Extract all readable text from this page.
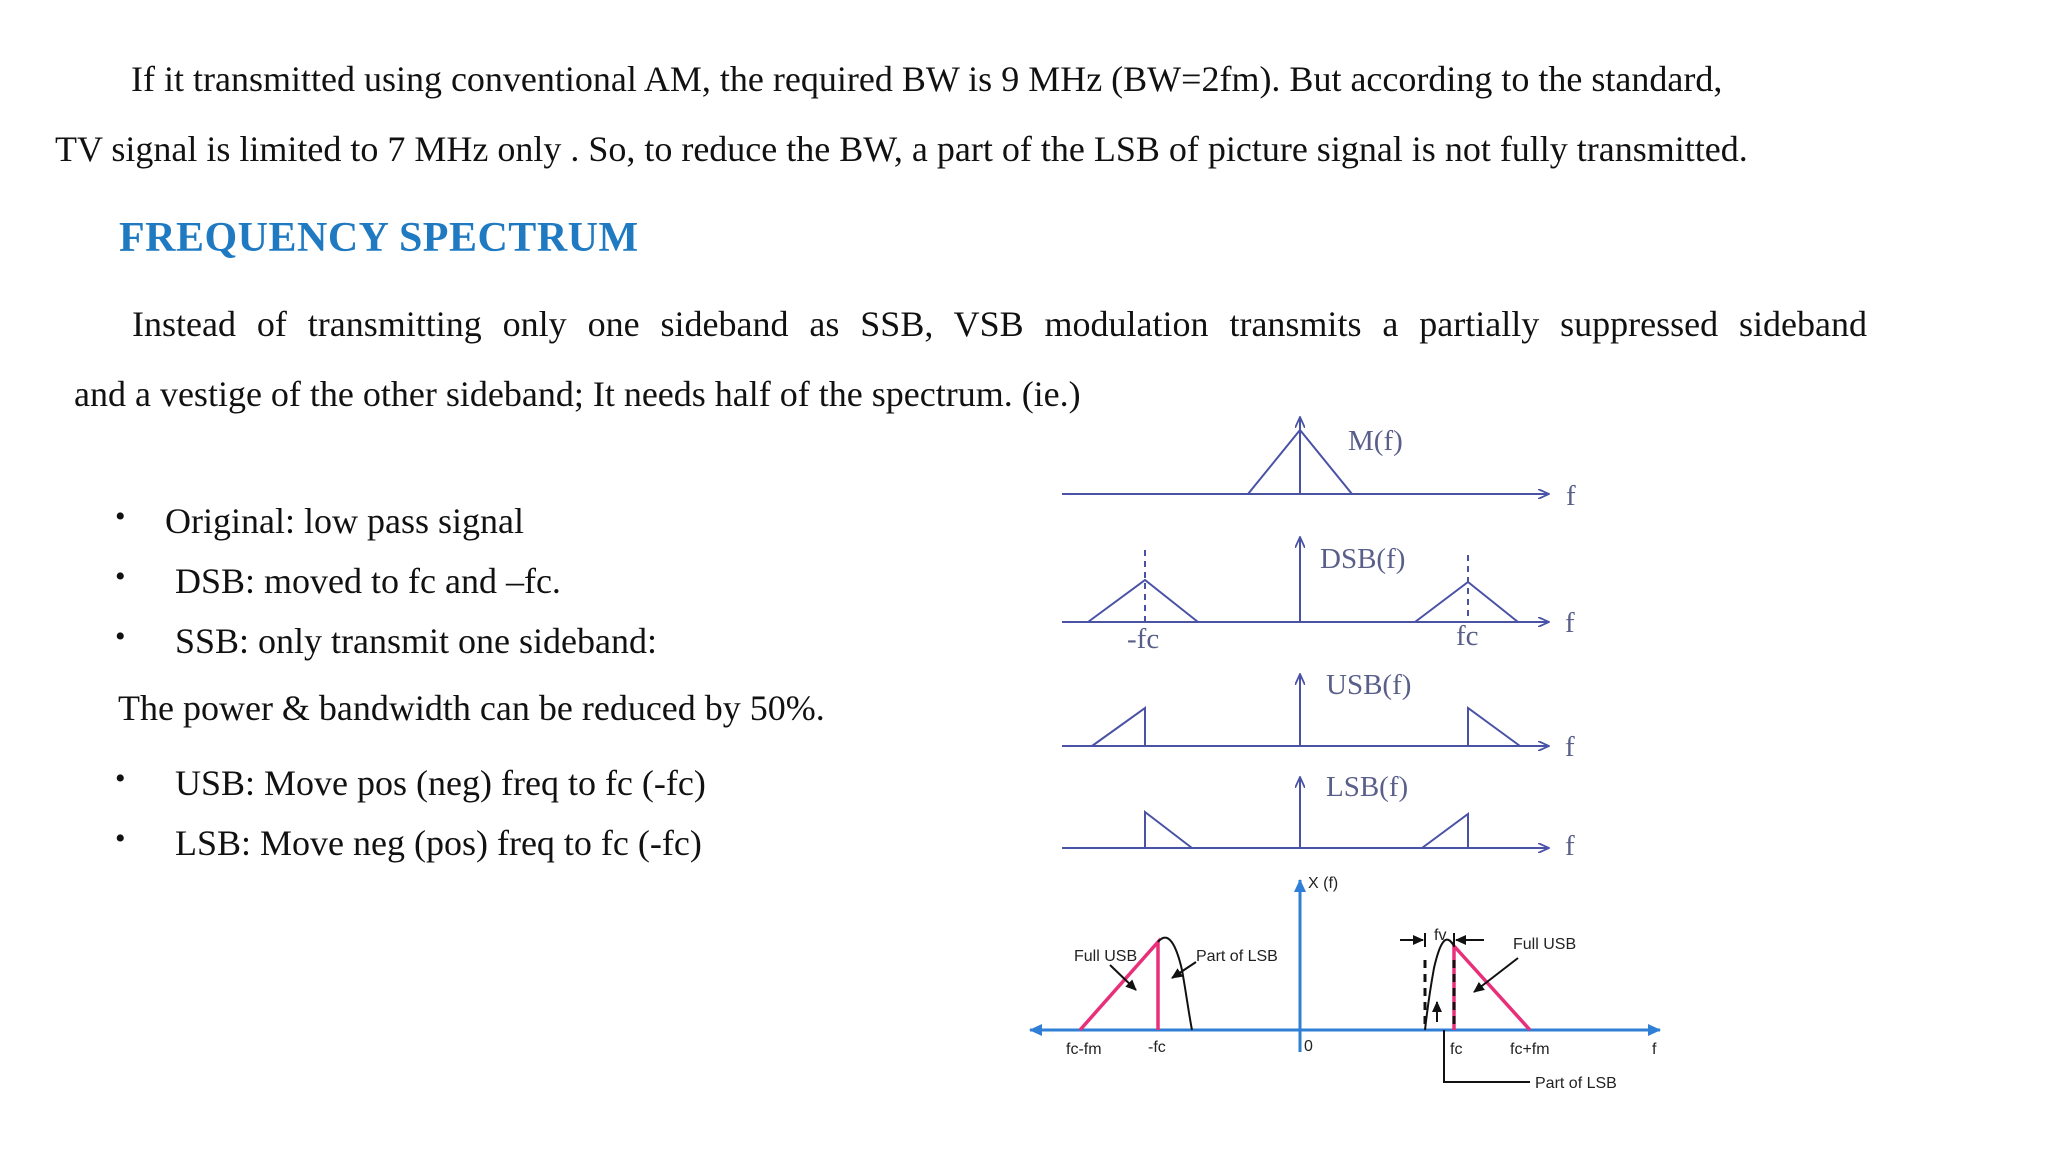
If it transmitted using conventional AM, the required BW is 9 MHz (BW=2fm). But according to the standard,
TV signal is limited to 7 MHz only . So, to reduce the BW, a part of the LSB of picture signal is not fully transmitted.
FREQUENCY SPECTRUM
Instead of transmitting only one sideband as SSB, VSB modulation transmits a partially suppressed sideband
and a vestige of the other sideband; It needs half of the spectrum. (ie.)
• Original: low pass signal
• DSB: moved to fc and –fc.
• SSB: only transmit one sideband:
The power & bandwidth can be reduced by 50%.
• USB: Move pos (neg) freq to fc (-fc)
• LSB: Move neg (pos) freq to fc (-fc)
M(f)
f
DSB(f)
f
-fc	fc
USB(f)
f
LSB(f)
f
X (f)
Full USB	Part of LSB
Full USB
Part of LSB
fv
0	f
fc-fm	-fc	fc	fc+fm
